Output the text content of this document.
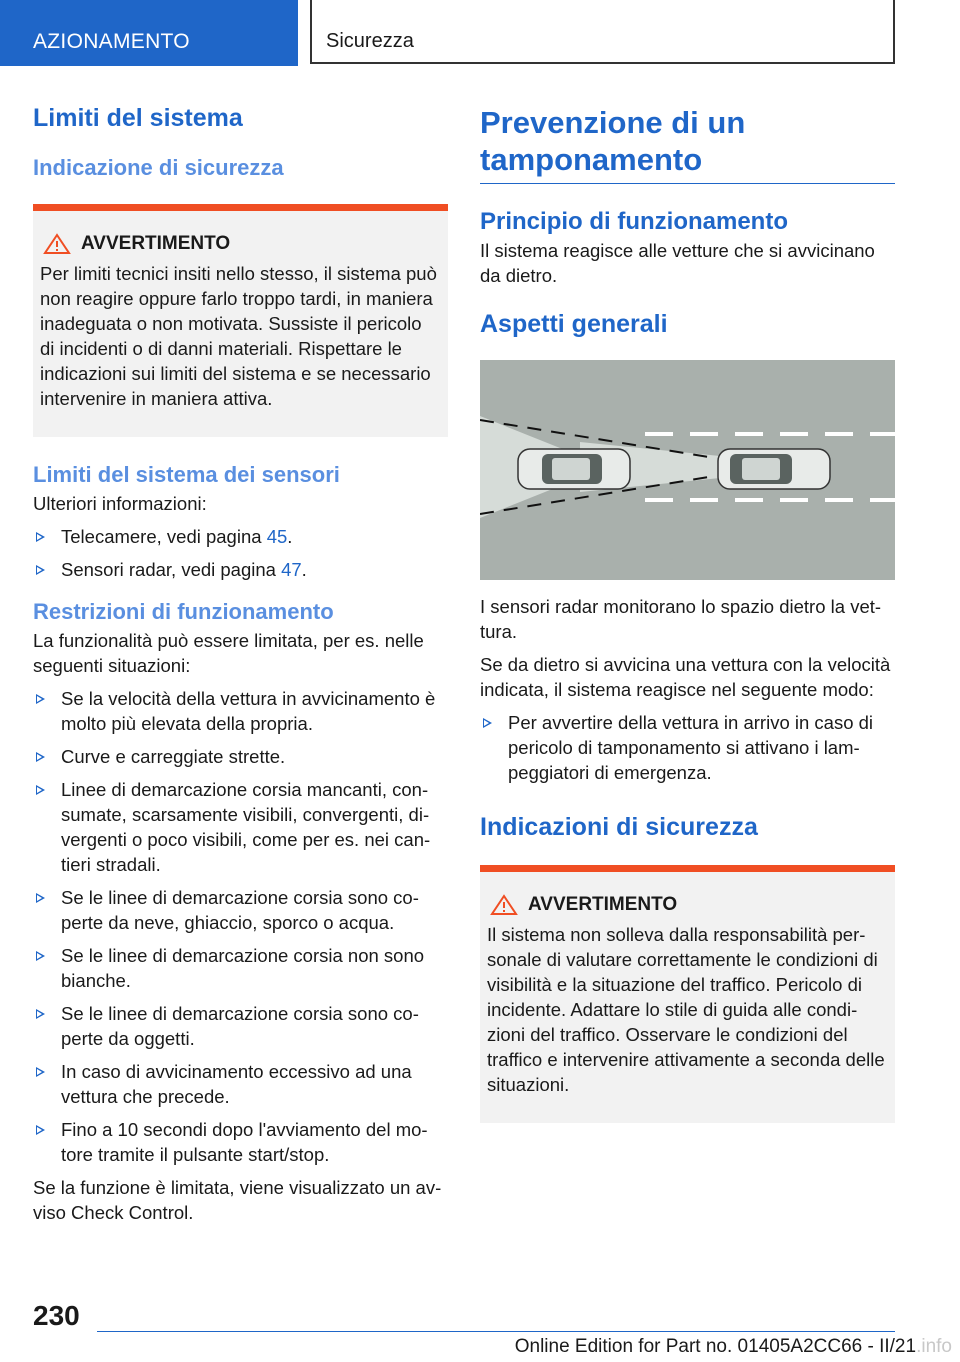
AZIONAMENTO	Sicurezza
Limiti del sistema
Indicazione di sicurezza
AVVERTIMENTO

Per limiti tecnici insiti nello stesso, il sistema può non reagire oppure farlo troppo tardi, in maniera inadeguata o non motivata. Sussiste il pericolo di incidenti o di danni materiali. Rispettare le indicazioni sui limiti del sistema e se necessario intervenire in maniera attiva.

Limiti del sistema dei sensori

Ulteriori informazioni:

Telecamere, vedi pagina 45.
Sensori radar, vedi pagina 47.
Restrizioni di funzionamento

La funzionalità può essere limitata, per es. nelle seguenti situazioni:

Se la velocità della vettura in avvicinamento è molto più elevata della propria.
Curve e carreggiate strette.
Linee di demarcazione corsia mancanti, consumate, scarsamente visibili, convergenti, divergenti o poco visibili, come per es. nei cantieri stradali.
Se le linee di demarcazione corsia sono coperte da neve, ghiaccio, sporco o acqua.
Se le linee di demarcazione corsia non sono bianche.
Se le linee di demarcazione corsia sono coperte da oggetti.
In caso di avvicinamento eccessivo ad una vettura che precede.
Fino a 10 secondi dopo l'avviamento del motore tramite il pulsante start/stop.

Se la funzione è limitata, viene visualizzato un avviso Check Control.

Prevenzione di un tamponamento
Principio di funzionamento

Il sistema reagisce alle vetture che si avvicinano da dietro.

Aspetti generali

I sensori radar monitorano lo spazio dietro la vettura.

Se da dietro si avvicina una vettura con la velocità indicata, il sistema reagisce nel seguente modo:

Per avvertire della vettura in arrivo in caso di pericolo di tamponamento si attivano i lampeggiatori di emergenza.
Indicazioni di sicurezza
AVVERTIMENTO

Il sistema non solleva dalla responsabilità personale di valutare correttamente le condizioni di visibilità e la situazione del traffico. Pericolo di incidente. Adattare lo stile di guida alle condizioni del traffico. Osservare le condizioni del traffico e intervenire attivamente a seconda delle situazioni.

230
Online Edition for Part no. 01405A2CC66 - II/21.info
